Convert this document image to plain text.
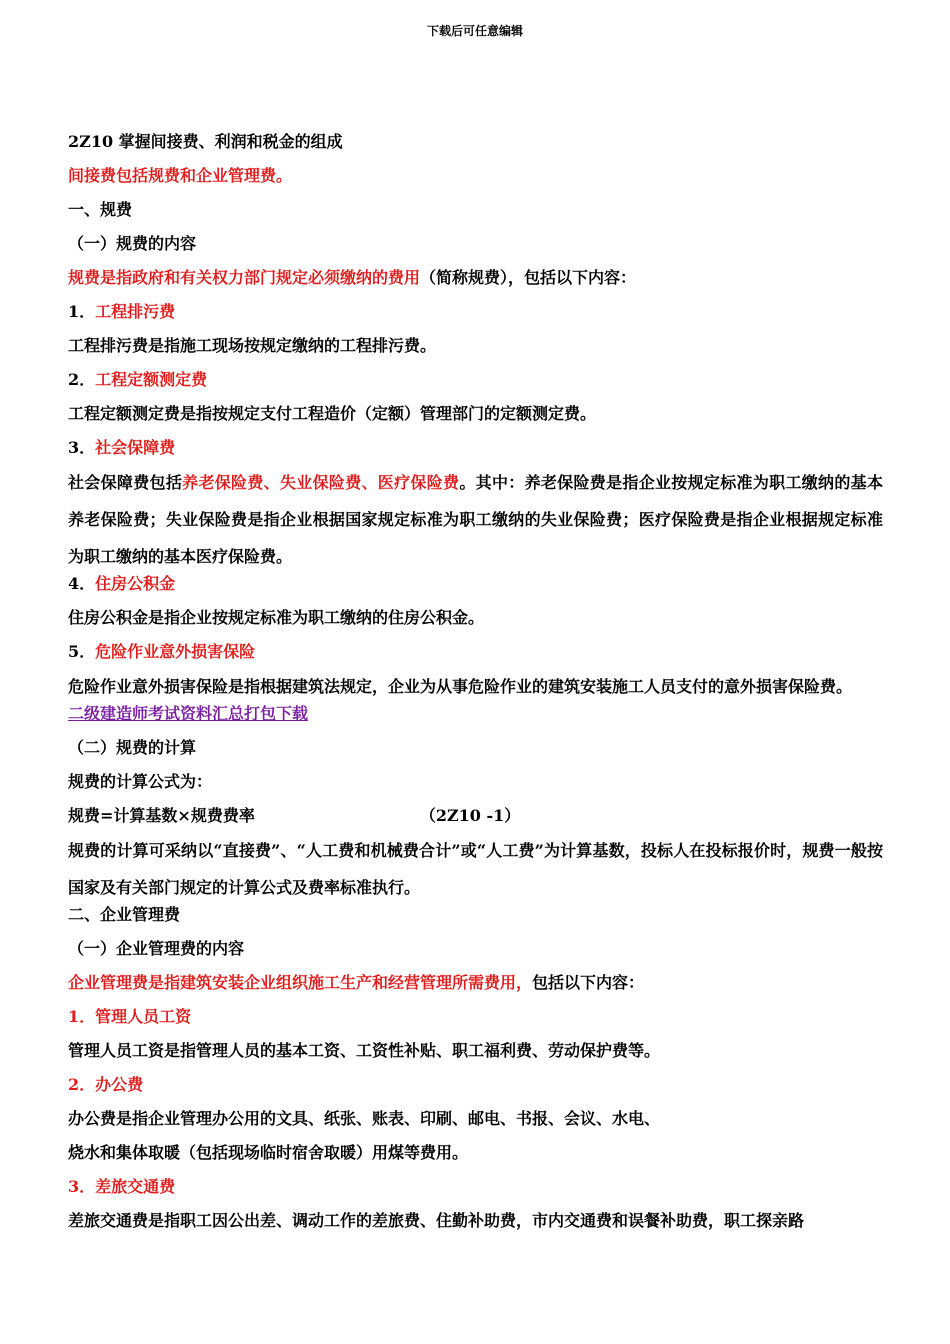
下载后可任意编辑
2Z10 掌握间接费、利润和税金的组成
间接费包括规费和企业管理费。
一、规费
（一）规费的内容
规费是指政府和有关权力部门规定必须缴纳的费用（简称规费），包括以下内容：
1．工程排污费
工程排污费是指施工现场按规定缴纳的工程排污费。
2．工程定额测定费
工程定额测定费是指按规定支付工程造价（定额）管理部门的定额测定费。
3．社会保障费
社会保障费包括养老保险费、失业保险费、医疗保险费。其中：养老保险费是指企业按规定标准为职工缴纳的基本养老保险费；失业保险费是指企业根据国家规定标准为职工缴纳的失业保险费；医疗保险费是指企业根据规定标准为职工缴纳的基本医疗保险费。
4．住房公积金
住房公积金是指企业按规定标准为职工缴纳的住房公积金。
5．危险作业意外损害保险
危险作业意外损害保险是指根据建筑法规定，企业为从事危险作业的建筑安装施工人员支付的意外损害保险费。
二级建造师考试资料汇总打包下载
（二）规费的计算
规费的计算公式为：
规费=计算基数×规费费率	（2Z10 -1）
规费的计算可采纳以“直接费”、“人工费和机械费合计”或“人工费”为计算基数，投标人在投标报价时，规费一般按国家及有关部门规定的计算公式及费率标准执行。
二、企业管理费
（一）企业管理费的内容
企业管理费是指建筑安装企业组织施工生产和经营管理所需费用，包括以下内容：
1．管理人员工资
管理人员工资是指管理人员的基本工资、工资性补贴、职工福利费、劳动保护费等。
2．办公费
办公费是指企业管理办公用的文具、纸张、账表、印刷、邮电、书报、会议、水电、
烧水和集体取暖（包括现场临时宿舍取暖）用煤等费用。
3．差旅交通费
差旅交通费是指职工因公出差、调动工作的差旅费、住勤补助费，市内交通费和误餐补助费，职工探亲路
